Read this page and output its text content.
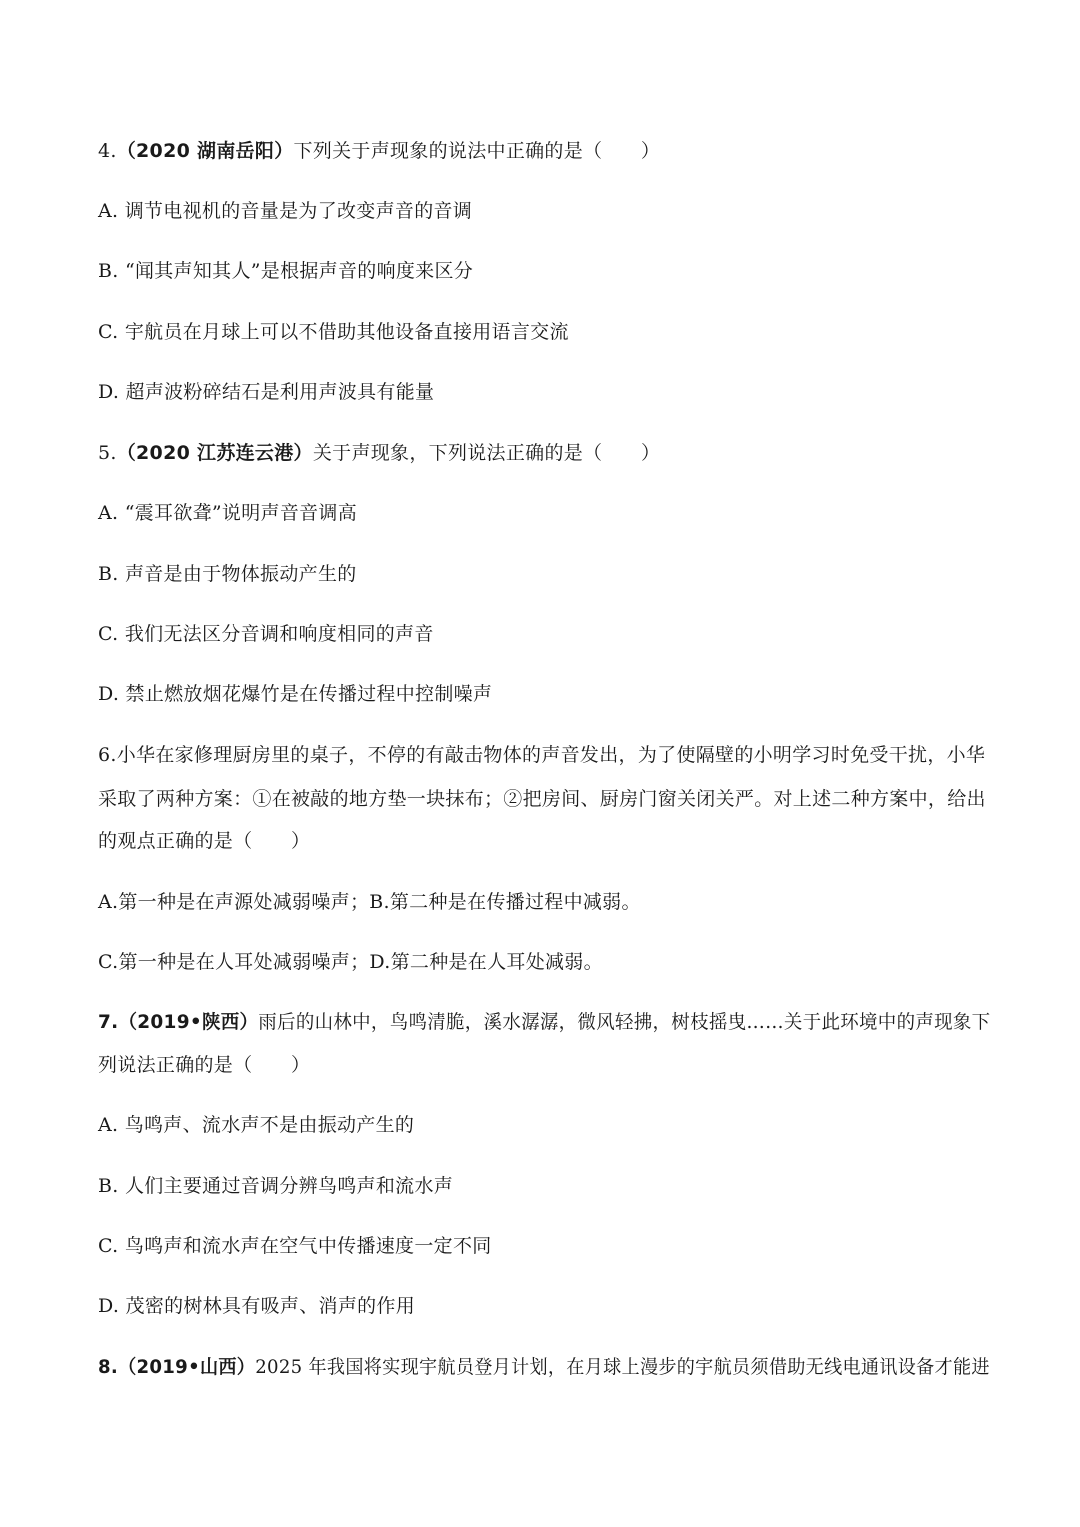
4.（2020 湖南岳阳）下列关于声现象的说法中正确的是（　　）
A. 调节电视机的音量是为了改变声音的音调
B. “闻其声知其人”是根据声音的响度来区分
C. 宇航员在月球上可以不借助其他设备直接用语言交流
D. 超声波粉碎结石是利用声波具有能量
5.（2020 江苏连云港）关于声现象，下列说法正确的是（　　）
A. “震耳欲聋”说明声音音调高
B. 声音是由于物体振动产生的
C. 我们无法区分音调和响度相同的声音
D. 禁止燃放烟花爆竹是在传播过程中控制噪声
6.小华在家修理厨房里的桌子，不停的有敲击物体的声音发出，为了使隔壁的小明学习时免受干扰，小华
采取了两种方案：①在被敲的地方垫一块抹布；②把房间、厨房门窗关闭关严。对上述二种方案中，给出
的观点正确的是（　　）
A.第一种是在声源处减弱噪声；B.第二种是在传播过程中减弱。
C.第一种是在人耳处减弱噪声；D.第二种是在人耳处减弱。
7.（2019•陕西）雨后的山林中，鸟鸣清脆，溪水潺潺，微风轻拂，树枝摇曳……关于此环境中的声现象下
列说法正确的是（　　）
A. 鸟鸣声、流水声不是由振动产生的
B. 人们主要通过音调分辨鸟鸣声和流水声
C. 鸟鸣声和流水声在空气中传播速度一定不同
D. 茂密的树林具有吸声、消声的作用
8.（2019•山西）2025 年我国将实现宇航员登月计划，在月球上漫步的宇航员须借助无线电通讯设备才能进
